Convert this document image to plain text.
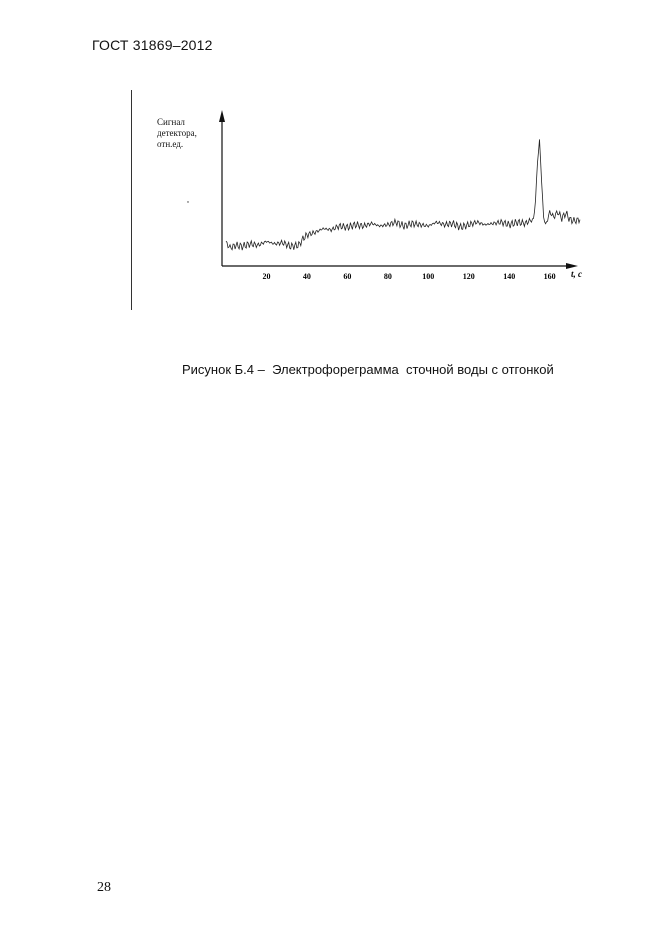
ГОСТ 31869–2012
Сигнал
детектора,
отн.ед.
20	40	60	80	100	120	140	160 t, c
Рисунок Б.4 –  Электрофореграмма  сточной воды с отгонкой
28
